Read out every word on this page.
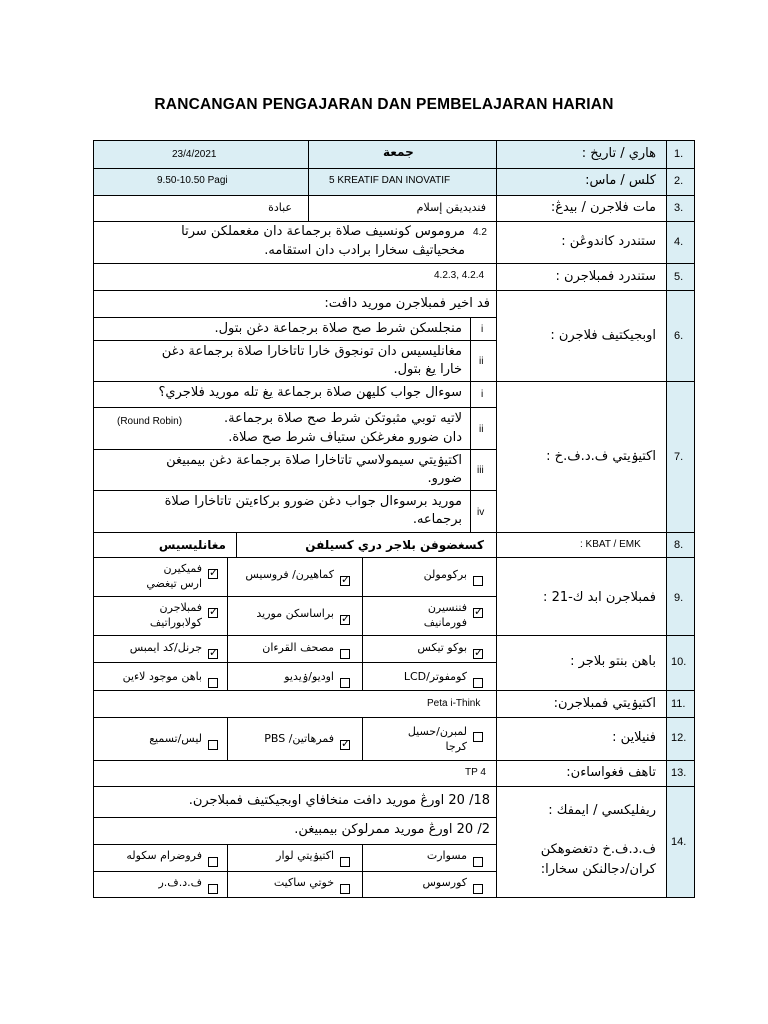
RANCANGAN PENGAJARAN DAN PEMBELAJARAN HARIAN
1.
2.
3.
4.
5.
6.
7.
8.
9.
10.
11.
12.
13.
14.
هاري / تاريخ :
کلس / ماس:
مات فلاجرن / بيدڠ:
ستندرد كاندوڠن :
ستندرد فمبلاجرن :
اوبجيكتيف فلاجرن :
اکتيۏيتي ف.د.ف.خ :
: KBAT / EMK
فمبلاجرن ابد ك-21 :
باهن بنتو بلاجر :
اکتيۏيتي فمبلاجرن:
فنيلاين :
تاهف فغواساءن:
ريفليكسي / ايمفك :
ف.د.ف.خ دتغضوهكن
كران/دجالنكن سخارا:
جمعة
23/4/2021
5 KREATIF DAN INOVATIF
9.50-10.50 Pagi
فنديديقن إسلام
عبادة
4.2
مروموس كونسيف صلاة برجماعة دان مغعملكن سرتا
مخحياتيڤ سخارا برادب دان استقامه.
4.2.3, 4.2.4
فد اخير فمبلاجرن موريد دافت:
i
منجلسكن شرط صح صلاة برجماعة دغن بتول.
ii
مغانليسيس دان تونجوق خارا تاتاخارا صلاة برجماعة دغن
خارا يغ بتول.
i
سوءال جواب كليهن صلاة برجماعة يغ تله موريد فلاجري؟
ii
لاتيه توبي مثبوتكن شرط صح صلاة برجماعة.
(Round Robin)
دان ضورو مغرغكن ستياف شرط صح صلاة.
iii
اکتيۏيتي سيمولاسي تاتاخارا صلاة برجماعة دغن بيمبيغن
ضورو.
iv
موريد برسوءال جواب دغن ضورو برکاءيتن تاتاخارا صلاة
برجماعه.
مغانليسيس	كسغضوفن بلاجر دري كسيلفن
بركومولن
كماهيرن/ فروسيس
✓
فميکيرن ارس تيغضي
✓
فننسيرن فورمانيف
✓
براساسكن موريد
✓
فمبلاجرن كولابوراتيف
✓
بوكو تيكس
✓
مصحف القرءان
جرنل/كد ايمبس
✓
كومفوتر/LCD
اوديو/ۏيديو
باهن موجود لاءين
Peta i-Think
لمبرن/حسيل كرجا
فمرهاتين/ PBS
✓
ليس/تسميع
TP 4
18/ 20 اورڠ موريد دافت منخافاي اوبجيكتيف فمبلاجرن.
2/ 20 اورڠ موريد ممرلوكن بيمبيغن.
مسوارت
اکتيۏيتي لوار
فروضرام سكوله
كورسوس
خوتي ساكيت
ف.د.ف.ر
